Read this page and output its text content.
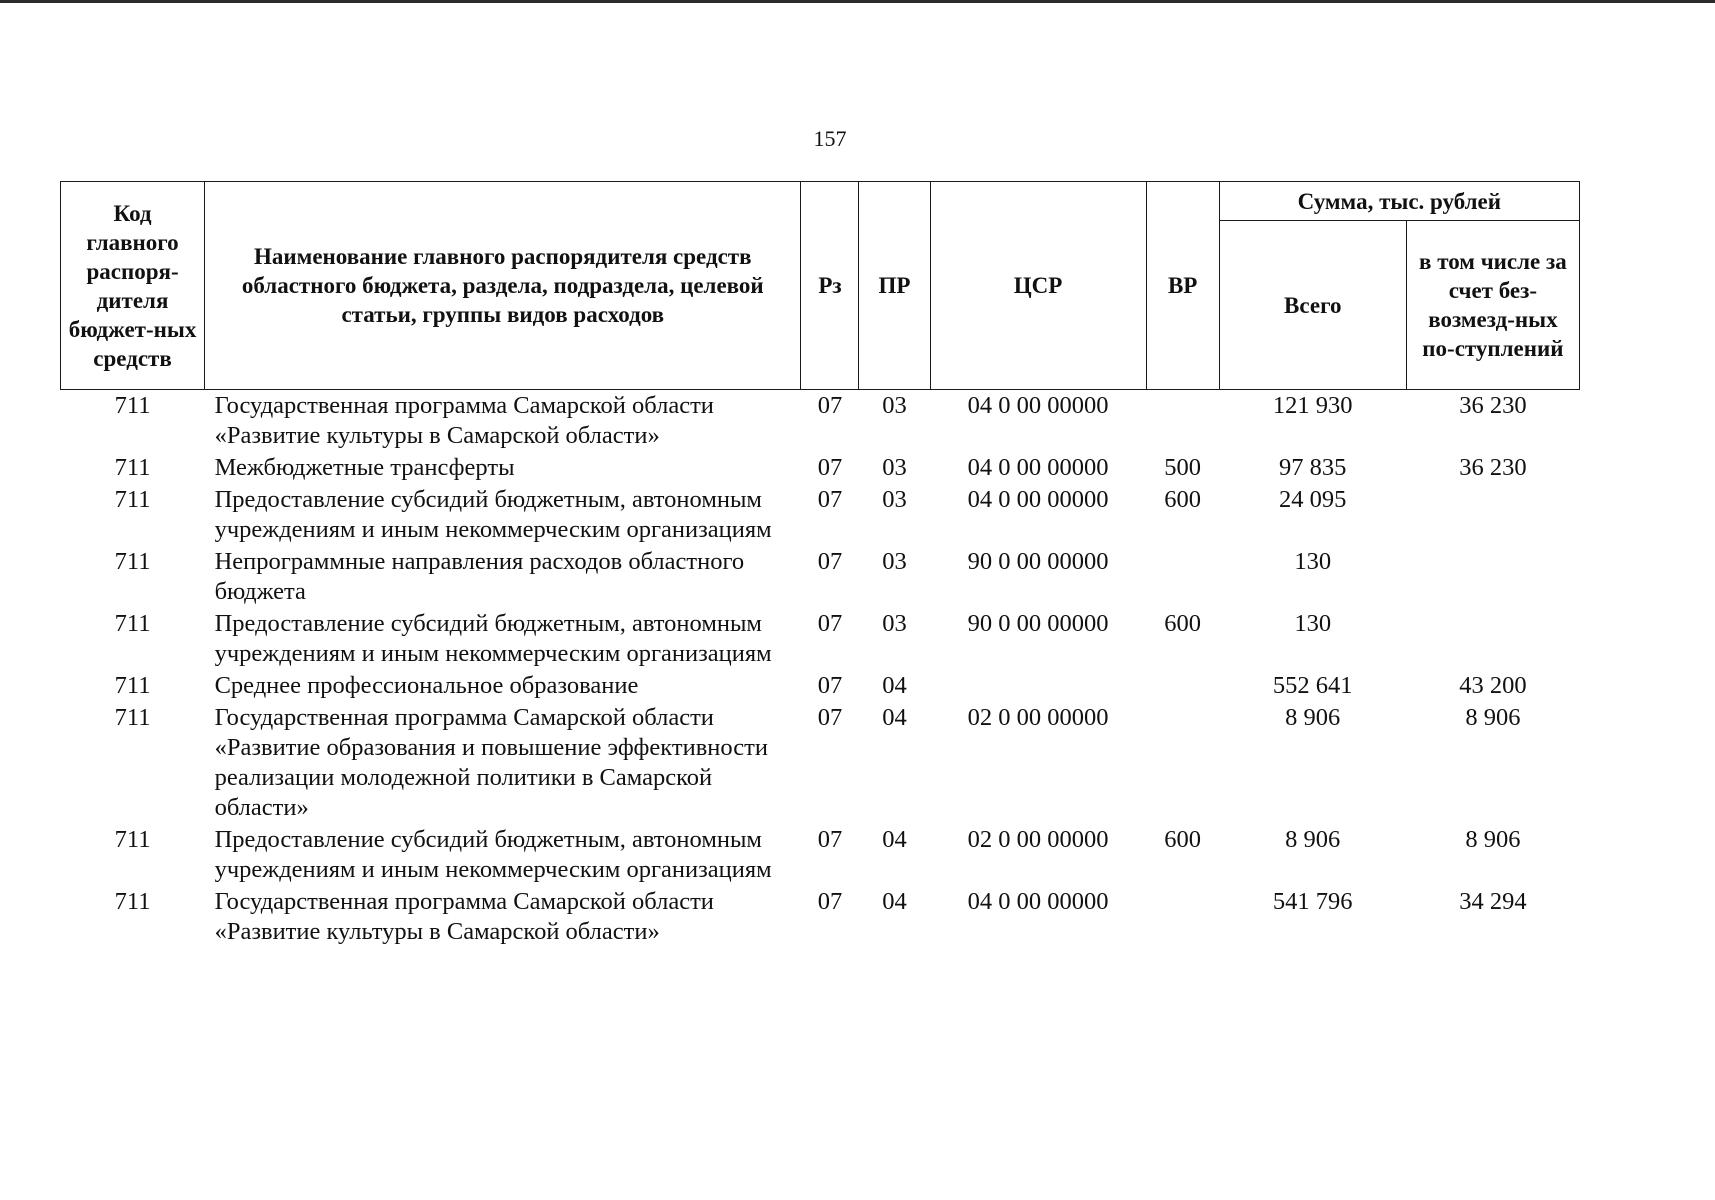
157
Код главного распоря-дителя бюджет-ных средств	Наименование главного распорядителя средств областного бюджета, раздела, подраздела, целевой статьи, группы видов расходов	Рз	ПР	ЦСР	ВР	Сумма, тыс. рублей	
						Всего	в том числе за счет без-возмезд-ных по-ступлений
711	Государственная программа Самарской области «Развитие культуры в Самарской области»	07	03	04 0 00 00000		121 930	36 230
711	Межбюджетные трансферты	07	03	04 0 00 00000	500	97 835	36 230
711	Предоставление субсидий бюджетным, автономным учреждениям и иным некоммерческим организациям	07	03	04 0 00 00000	600	24 095	
711	Непрограммные направления расходов областного бюджета	07	03	90 0 00 00000		130	
711	Предоставление субсидий бюджетным, автономным учреждениям и иным некоммерческим организациям	07	03	90 0 00 00000	600	130	
711	Среднее профессиональное образование	07	04			552 641	43 200
711	Государственная программа Самарской области «Развитие образования и повышение эффективности реализации молодежной политики в Самарской области»	07	04	02 0 00 00000		8 906	8 906
711	Предоставление субсидий бюджетным, автономным учреждениям и иным некоммерческим организациям	07	04	02 0 00 00000	600	8 906	8 906
711	Государственная программа Самарской области «Развитие культуры в Самарской области»	07	04	04 0 00 00000		541 796	34 294
